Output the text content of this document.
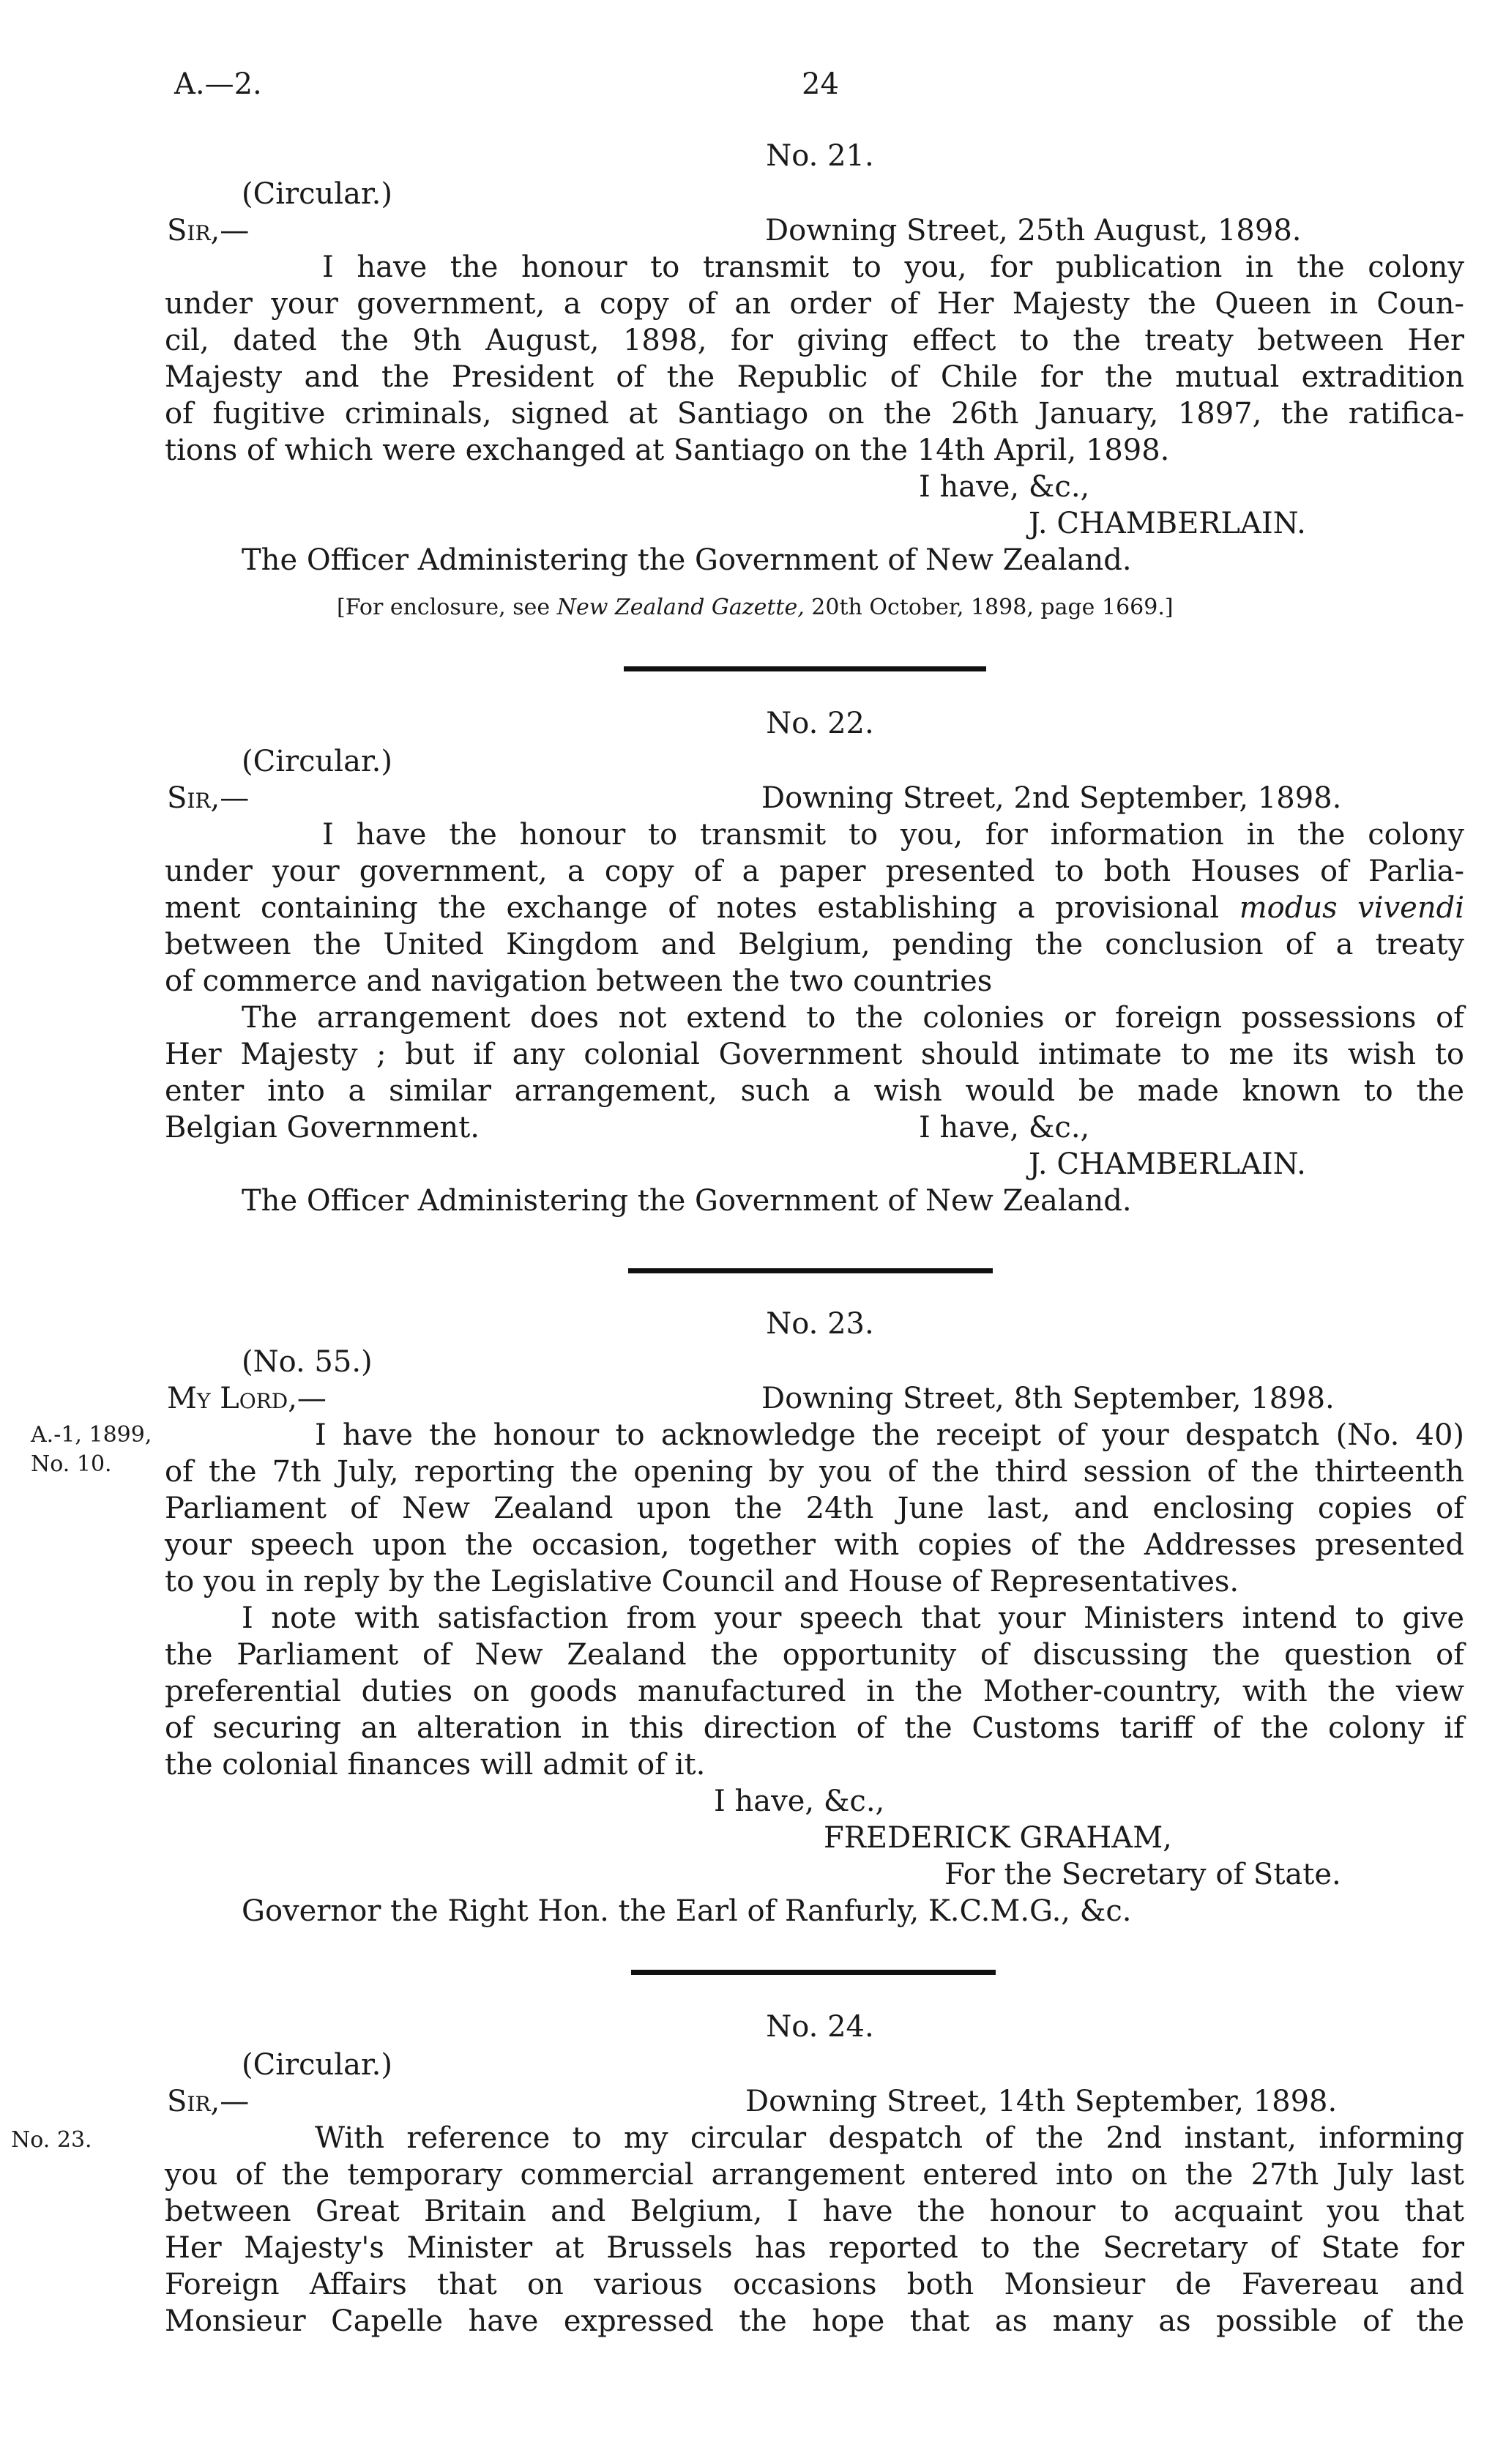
A.—2.	24
No. 21.
(Circular.)
Sir,—	Downing Street, 25th August, 1898.
I have the honour to transmit to you, for publication in the colony
under your government, a copy of an order of Her Majesty the Queen in Coun-
cil, dated the 9th August, 1898, for giving effect to the treaty between Her
Majesty and the President of the Republic of Chile for the mutual extradition
of fugitive criminals, signed at Santiago on the 26th January, 1897, the ratifica-
tions of which were exchanged at Santiago on the 14th April, 1898.
I have, &c.,
J. CHAMBERLAIN.
The Officer Administering the Government of New Zealand.
[For enclosure, see New Zealand Gazette, 20th October, 1898, page 1669.]
No. 22.
(Circular.)
Sir,—	Downing Street, 2nd September, 1898.
I have the honour to transmit to you, for information in the colony
under your government, a copy of a paper presented to both Houses of Parlia-
ment containing the exchange of notes establishing a provisional modus vivendi
between the United Kingdom and Belgium, pending the conclusion of a treaty
of commerce and navigation between the two countries
The arrangement does not extend to the colonies or foreign possessions of
Her Majesty ; but if any colonial Government should intimate to me its wish to
enter into a similar arrangement, such a wish would be made known to the
Belgian Government.	I have, &c.,
J. CHAMBERLAIN.
The Officer Administering the Government of New Zealand.
No. 23.
(No. 55.)
My Lord,—	Downing Street, 8th September, 1898.
A.-1, 1899,
No. 10.
I have the honour to acknowledge the receipt of your despatch (No. 40)
of the 7th July, reporting the opening by you of the third session of the thirteenth
Parliament of New Zealand upon the 24th June last, and enclosing copies of
your speech upon the occasion, together with copies of the Addresses presented
to you in reply by the Legislative Council and House of Representatives.
I note with satisfaction from your speech that your Ministers intend to give
the Parliament of New Zealand the opportunity of discussing the question of
preferential duties on goods manufactured in the Mother-country, with the view
of securing an alteration in this direction of the Customs tariff of the colony if
the colonial finances will admit of it.
I have, &c.,
FREDERICK GRAHAM,
For the Secretary of State.
Governor the Right Hon. the Earl of Ranfurly, K.C.M.G., &c.
No. 24.
(Circular.)
Sir,—	Downing Street, 14th September, 1898.
No. 23.	With reference to my circular despatch of the 2nd instant, informing
you of the temporary commercial arrangement entered into on the 27th July last
between Great Britain and Belgium, I have the honour to acquaint you that
Her Majesty's Minister at Brussels has reported to the Secretary of State for
Foreign Affairs that on various occasions both Monsieur de Favereau and
Monsieur Capelle have expressed the hope that as many as possible of the
